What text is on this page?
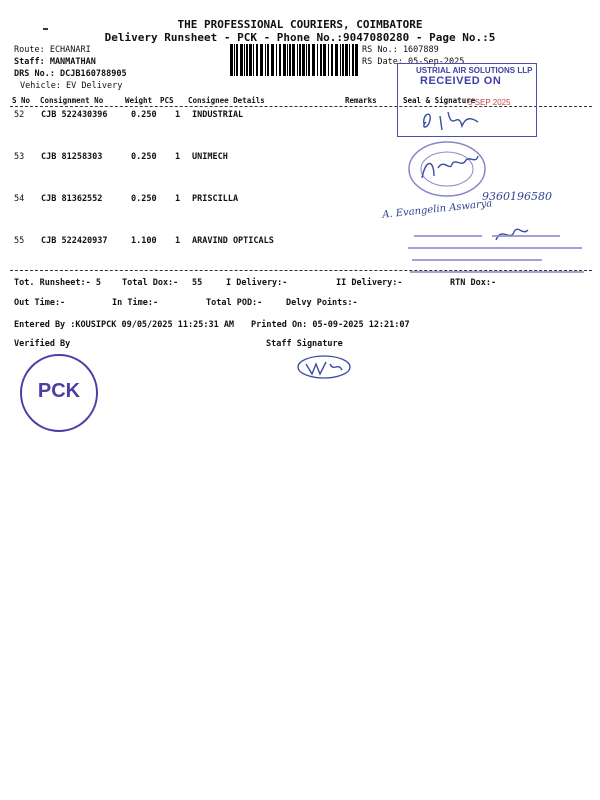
THE PROFESSIONAL COURIERS, COIMBATORE
Delivery Runsheet - PCK - Phone No.:9047080280 - Page No.:5
Route: ECHANARI
Staff: MANMATHAN
DRS No.: DCJB160788905
Vehicle: EV Delivery
RS No.: 1607889
RS Date: 05-Sep-2025
S No Consignment No	Weight PCS Consignee Details	Remarks	Seal & Signature
52 CJB 522430396	0.250 1 INDUSTRIAL
53 CJB 81258303	0.250 1 UNIMECH
54 CJB 81362552	0.250 1 PRISCILLA
55 CJB 522420937	1.100 1 ARAVIND OPTICALS
Tot. Runsheet:- 5 Total Dox:- 55	I Delivery:-	II Delivery:-	RTN Dox:-
Out Time:-	In Time:-	Total POD:-	Delvy Points:-
Entered By :KOUSIPCK 09/05/2025 11:25:31 AM Printed On: 05-09-2025 12:21:07
Verified By	Staff Signature
USTRIAL AIR SOLUTIONS LLP
RECEIVED ON
5 SEP 2025
9360196580
A. Evangelin Aswarya
PCK
